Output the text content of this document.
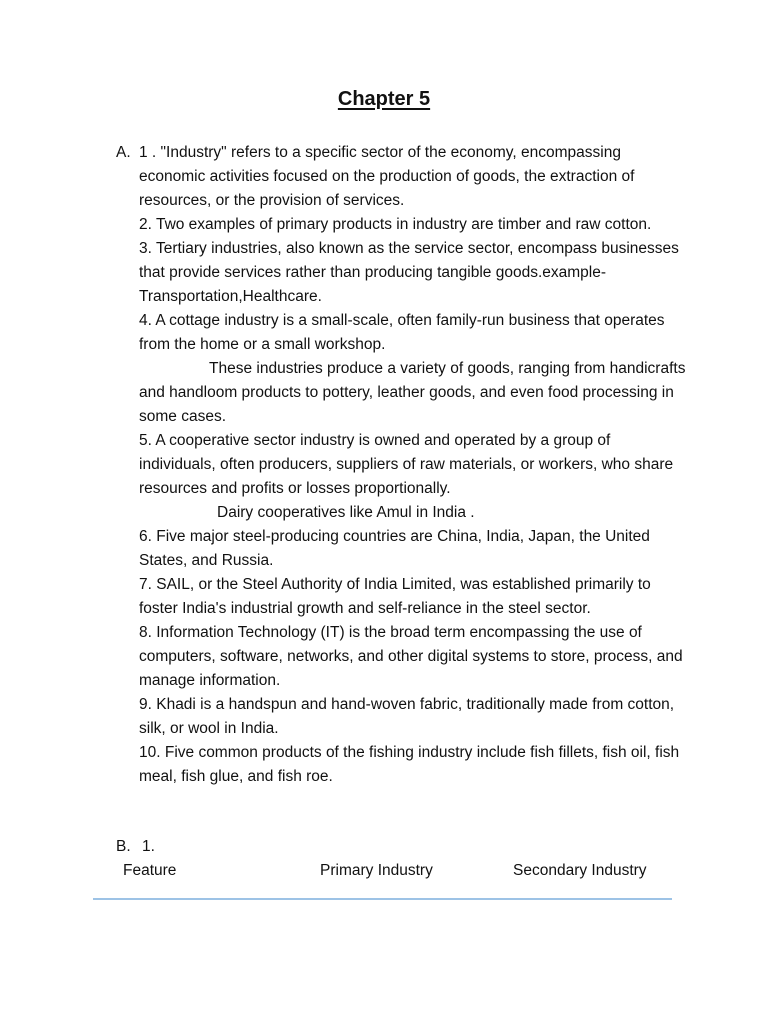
Chapter 5
A. 1 . "Industry" refers to a specific sector of the economy, encompassing economic activities focused on the production of goods, the extraction of resources, or the provision of services.

2. Two examples of primary products in industry are timber and raw cotton.

3. Tertiary industries, also known as the service sector, encompass businesses that provide services rather than producing tangible goods.example-Transportation,Healthcare.

4. A cottage industry is a small-scale, often family-run business that operates from the home or a small workshop.

These industries produce a variety of goods, ranging from handicrafts and handloom products to pottery, leather goods, and even food processing in some cases.

5. A cooperative sector industry is owned and operated by a group of individuals, often producers, suppliers of raw materials, or workers, who share resources and profits or losses proportionally.

Dairy cooperatives like Amul in India .

6. Five major steel-producing countries are China, India, Japan, the United States, and Russia.

7. SAIL, or the Steel Authority of India Limited, was established primarily to foster India's industrial growth and self-reliance in the steel sector.

8. Information Technology (IT) is the broad term encompassing the use of computers, software, networks, and other digital systems to store, process, and manage information.

9. Khadi is a handspun and hand-woven fabric, traditionally made from cotton, silk, or wool in India.

10. Five common products of the fishing industry include fish fillets, fish oil, fish meal, fish glue, and fish roe.

B. 1.
Feature	Primary Industry	Secondary Industry
